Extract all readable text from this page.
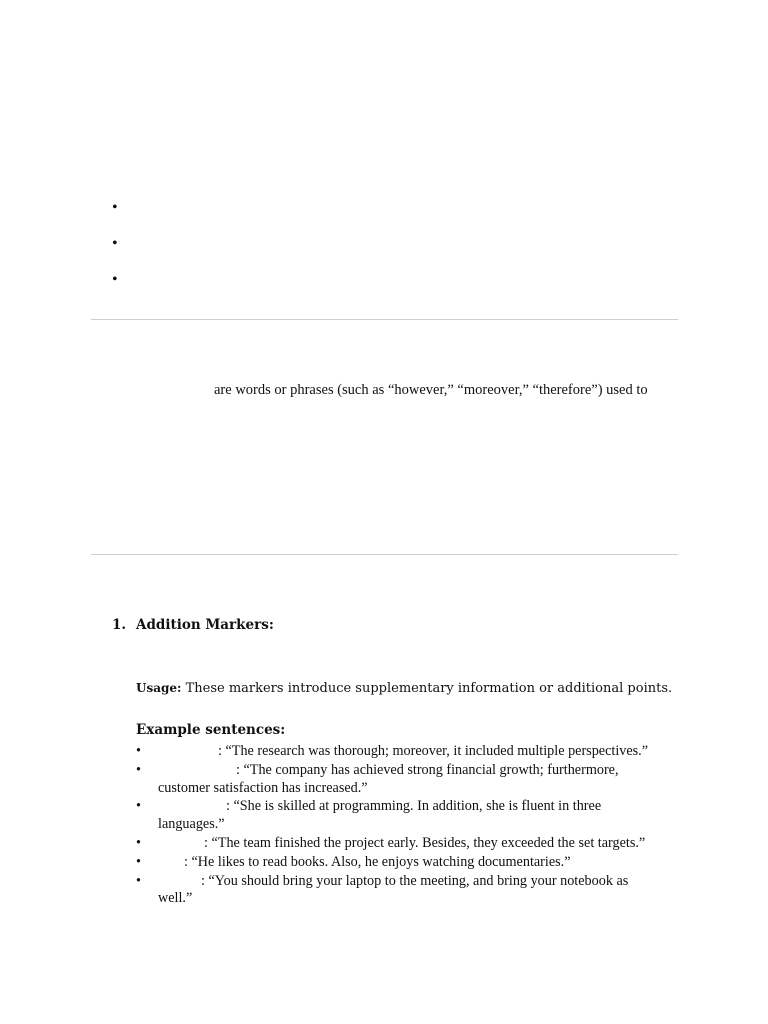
•
•
•
are words or phrases (such as “however,” “moreover,” “therefore”) used to
1. Addition Markers:
Usage: These markers introduce supplementary information or additional points.
Example sentences:
•	: “The research was thorough; moreover, it included multiple perspectives.”
•	: “The company has achieved strong financial growth; furthermore,
customer satisfaction has increased.”
•	: “She is skilled at programming. In addition, she is fluent in three
languages.”
•	: “The team finished the project early. Besides, they exceeded the set targets.”
•	: “He likes to read books. Also, he enjoys watching documentaries.”
•	: “You should bring your laptop to the meeting, and bring your notebook as
well.”
